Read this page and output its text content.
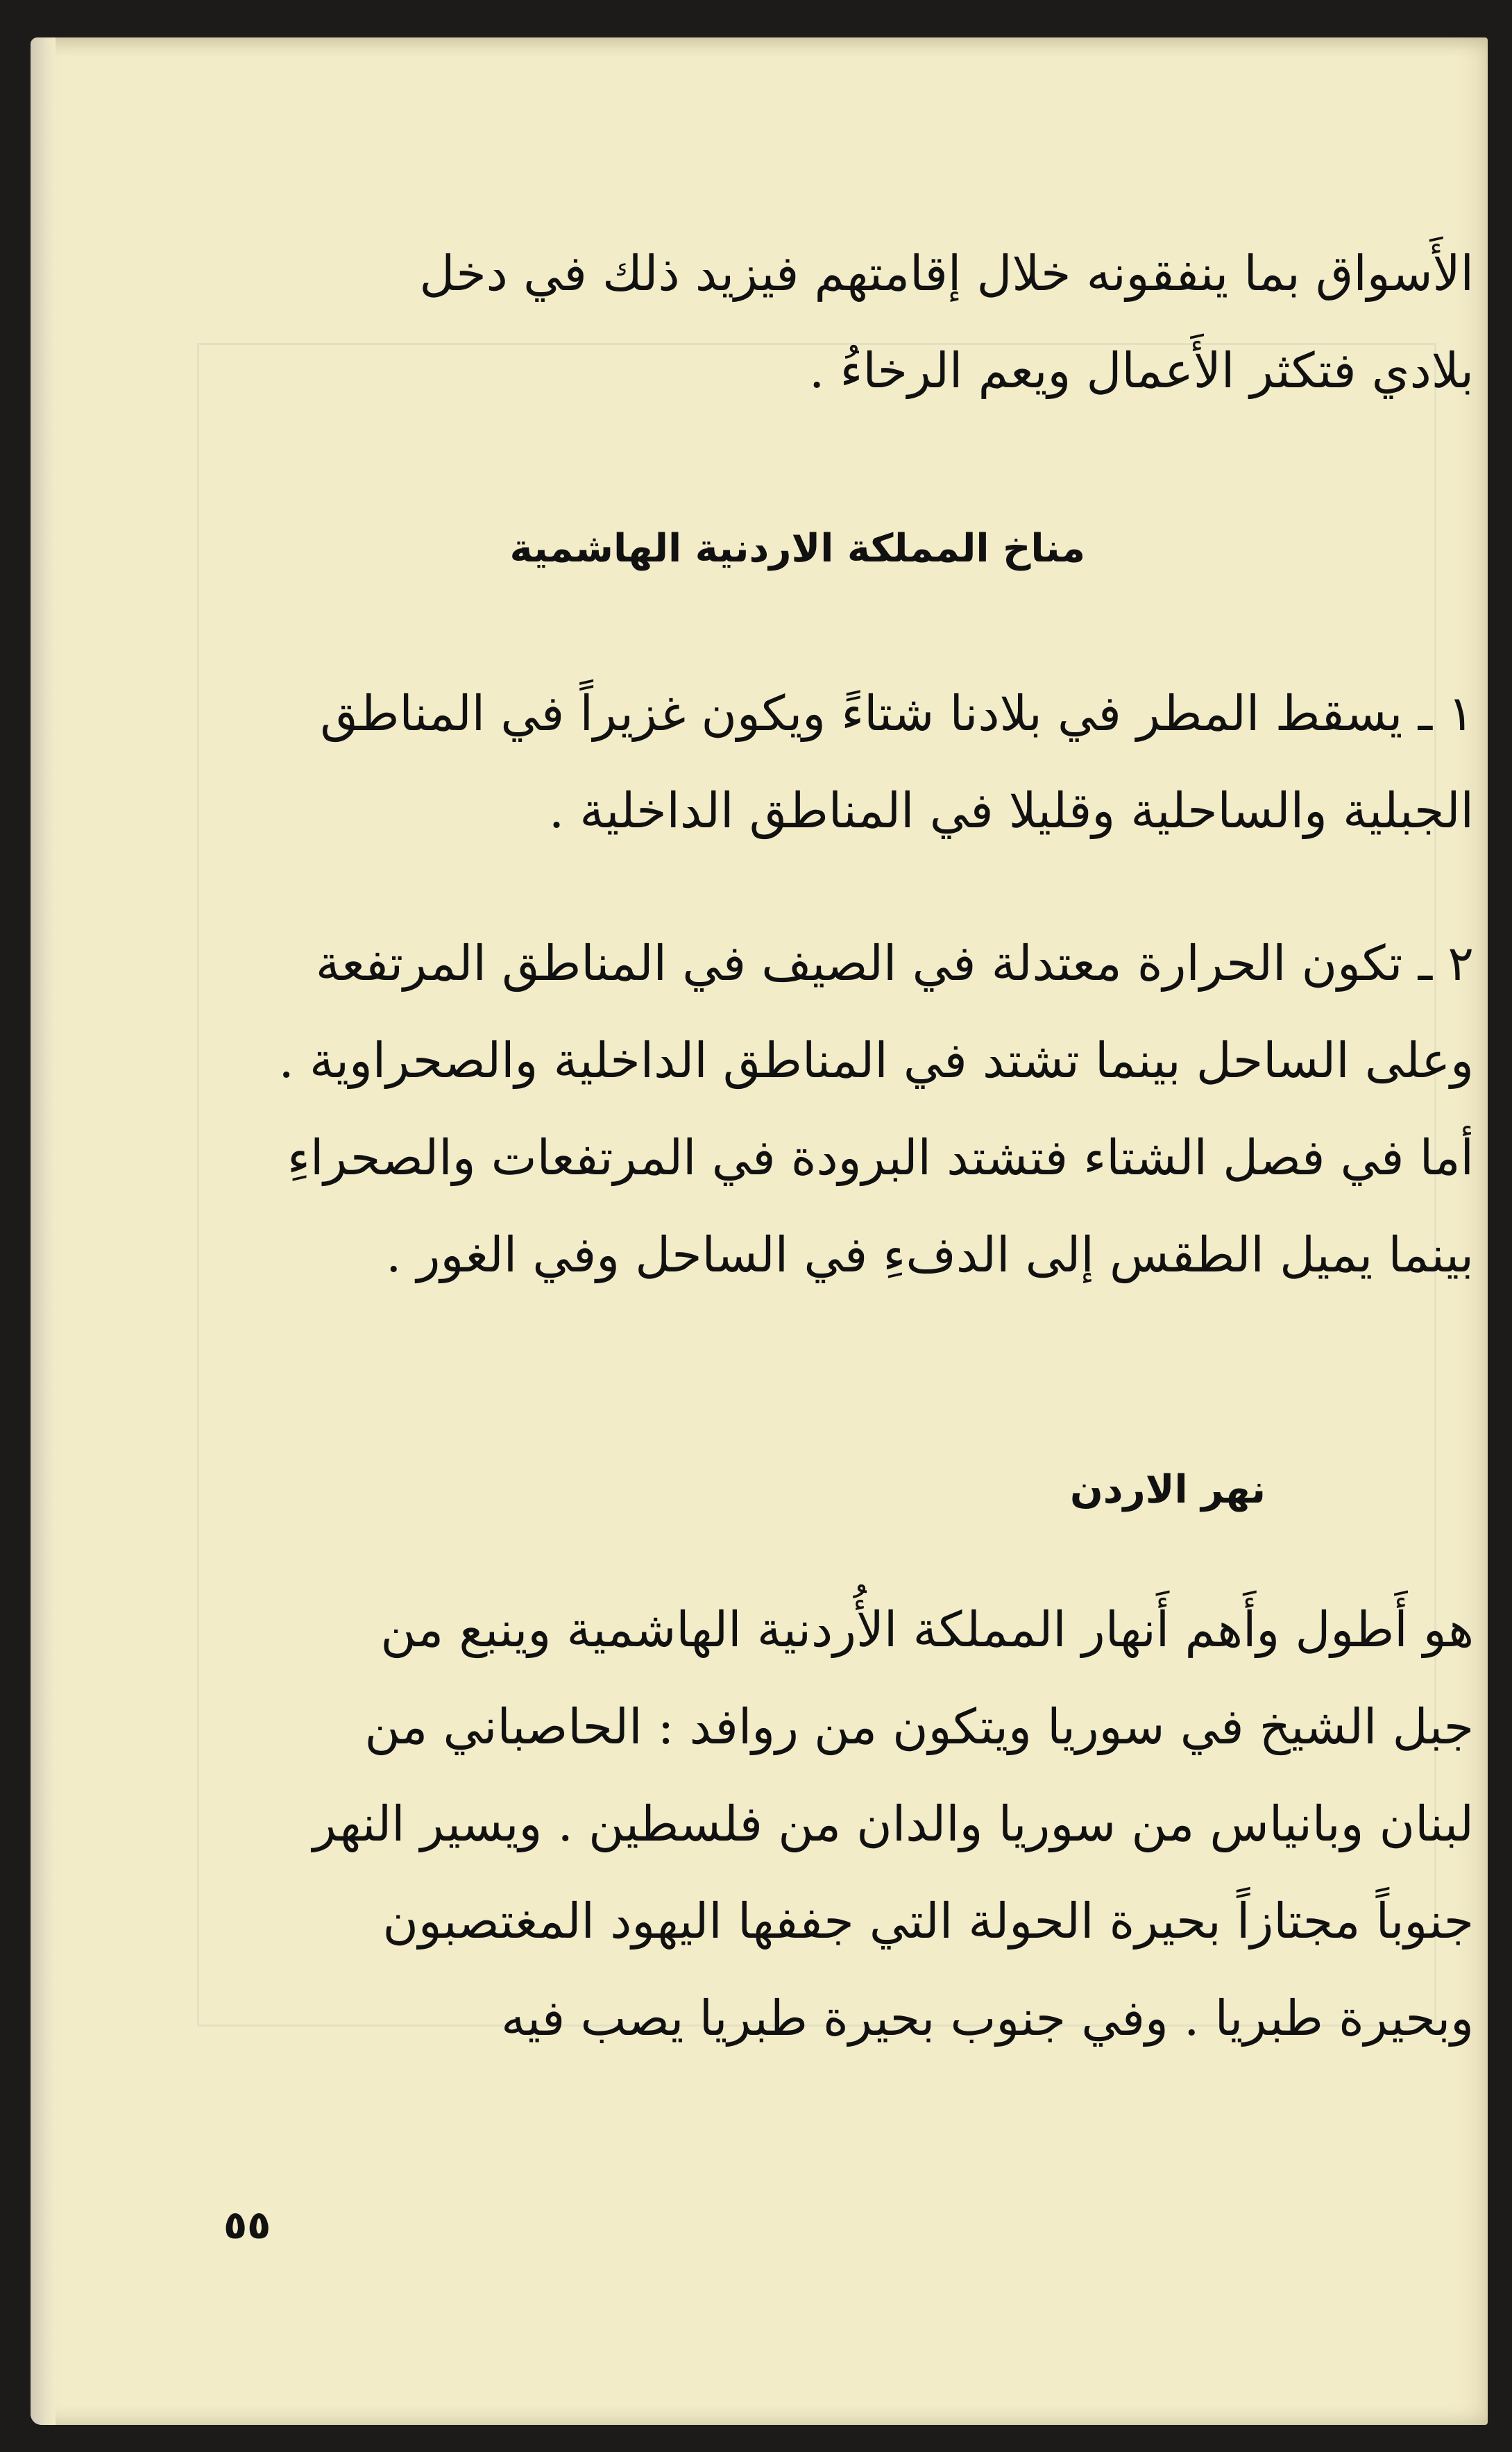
الأَسواق بما ينفقونه خلال إقامتهم فيزيد ذلك في دخل
بلادي فتكثر الأَعمال ويعم الرخاءُ .
مناخ المملكة الاردنية الهاشمية
١ ـ يسقط المطر في بلادنا شتاءً ويكون غزيراً في المناطق
الجبلية والساحلية وقليلا في المناطق الداخلية .
٢ ـ تكون الحرارة معتدلة في الصيف في المناطق المرتفعة
وعلى الساحل بينما تشتد في المناطق الداخلية والصحراوية .
أما في فصل الشتاء فتشتد البرودة في المرتفعات والصحراءِ
بينما يميل الطقس إلى الدفءِ في الساحل وفي الغور .
نهر الاردن
هو أَطول وأَهم أَنهار المملكة الأُردنية الهاشمية وينبع من
جبل الشيخ في سوريا ويتكون من روافد : الحاصباني من
لبنان وبانياس من سوريا والدان من فلسطين . ويسير النهر
جنوباً مجتازاً بحيرة الحولة التي جففها اليهود المغتصبون
وبحيرة طبريا . وفي جنوب بحيرة طبريا يصب فيه
٥٥
